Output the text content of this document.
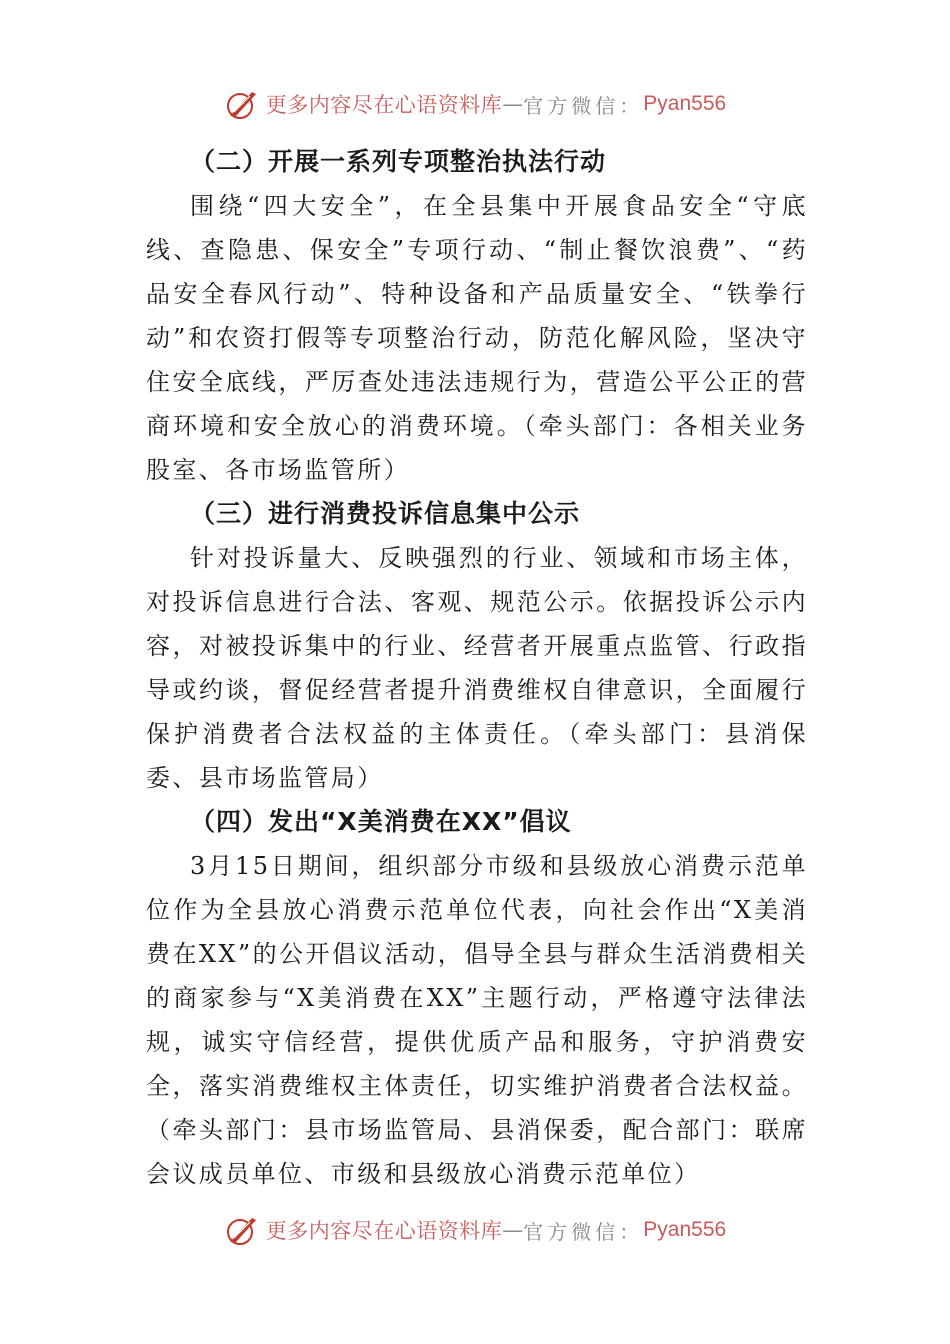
更多内容尽在心语资料库 — 官方微信： Pyan556
（二）开展一系列专项整治执法行动

围绕“四大安全”，在全县集中开展食品安全“守底线、查隐患、保安全”专项行动、“制止餐饮浪费”、“药品安全春风行动”、特种设备和产品质量安全、“铁拳行动”和农资打假等专项整治行动，防范化解风险，坚决守住安全底线，严厉查处违法违规行为，营造公平公正的营商环境和安全放心的消费环境。（牵头部门：各相关业务股室、各市场监管所）

（三）进行消费投诉信息集中公示

针对投诉量大、反映强烈的行业、领域和市场主体，对投诉信息进行合法、客观、规范公示。依据投诉公示内容，对被投诉集中的行业、经营者开展重点监管、行政指导或约谈，督促经营者提升消费维权自律意识，全面履行保护消费者合法权益的主体责任。（牵头部门：县消保委、县市场监管局）

（四）发出“X美消费在XX”倡议

3月15日期间，组织部分市级和县级放心消费示范单位作为全县放心消费示范单位代表，向社会作出“X美消费在XX”的公开倡议活动，倡导全县与群众生活消费相关的商家参与“X美消费在XX”主题行动，严格遵守法律法规，诚实守信经营，提供优质产品和服务，守护消费安全，落实消费维权主体责任，切实维护消费者合法权益。（牵头部门：县市场监管局、县消保委，配合部门：联席会议成员单位、市级和县级放心消费示范单位）

更多内容尽在心语资料库 — 官方微信： Pyan556
